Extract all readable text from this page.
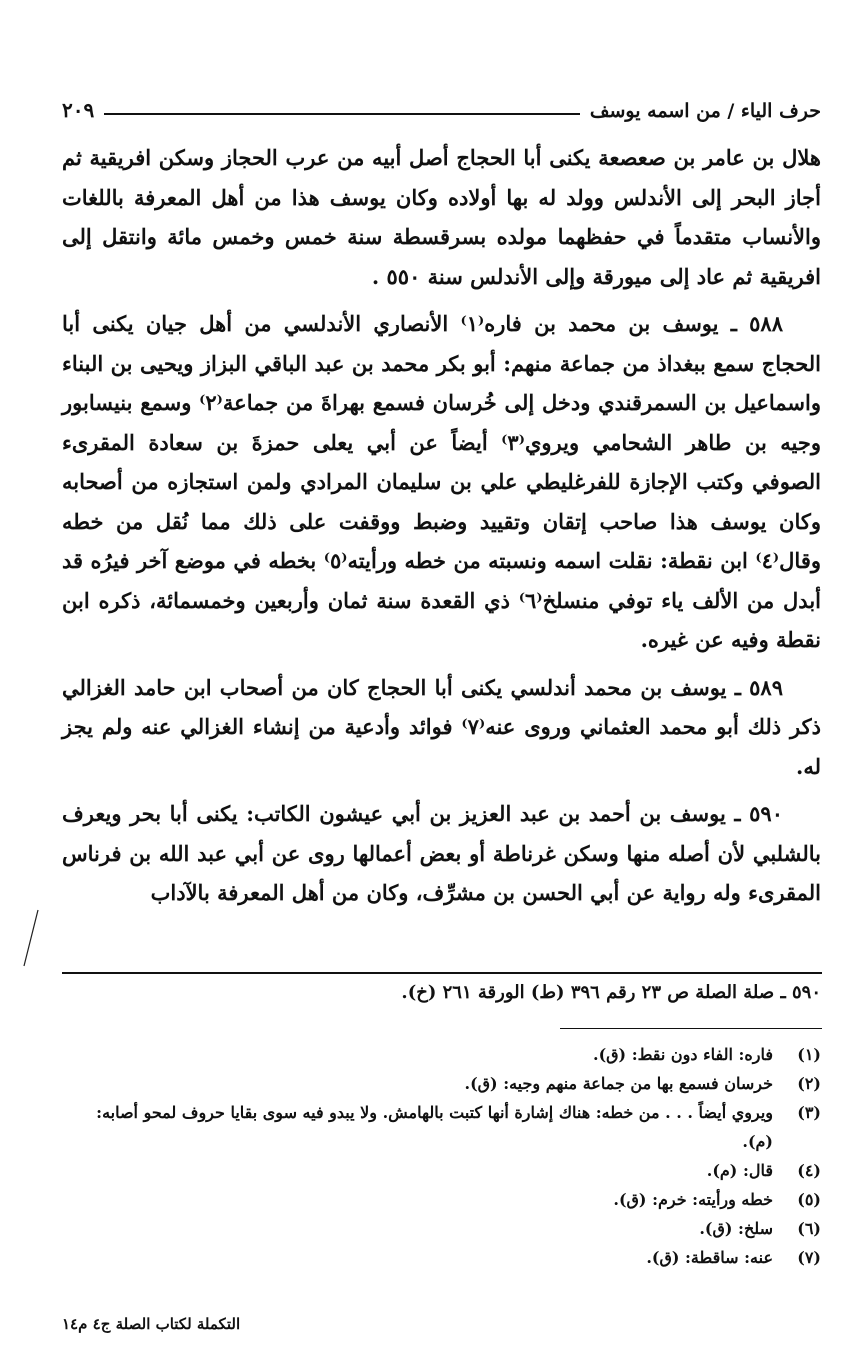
حرف الياء / من اسمه يوسف
٢٠٩

هلال بن عامر بن صعصعة يكنى أبا الحجاج أصل أبيه من عرب الحجاز وسكن افريقية ثم أجاز البحر إلى الأندلس وولد له بها أولاده وكان يوسف هذا من أهل المعرفة باللغات والأنساب متقدماً في حفظهما مولده بسرقسطة سنة خمس وخمس مائة وانتقل إلى افريقية ثم عاد إلى ميورقة وإلى الأندلس سنة ٥٥٠ .

٥٨٨ ـ يوسف بن محمد بن فاره⁽١⁾ الأنصاري الأندلسي من أهل جيان يكنى أبا الحجاج سمع ببغداذ من جماعة منهم: أبو بكر محمد بن عبد الباقي البزاز ويحيى بن البناء واسماعيل بن السمرقندي ودخل إلى خُرسان فسمع بهراةَ من جماعة⁽٢⁾ وسمع بنيسابور وجيه بن طاهر الشحامي ويروي⁽٣⁾ أيضاً عن أبي يعلى حمزةَ بن سعادة المقرىء الصوفي وكتب الإجازة للفرغليطي علي بن سليمان المرادي ولمن استجازه من أصحابه وكان يوسف هذا صاحب إتقان وتقييد وضبط ووقفت على ذلك مما نُقل من خطه وقال⁽٤⁾ ابن نقطة: نقلت اسمه ونسبته من خطه ورأيته⁽٥⁾ بخطه في موضع آخر فيرُه قد أبدل من الألف ياء توفي منسلخ⁽٦⁾ ذي القعدة سنة ثمان وأربعين وخمسمائة، ذكره ابن نقطة وفيه عن غيره.

٥٨٩ ـ يوسف بن محمد أندلسي يكنى أبا الحجاج كان من أصحاب ابن حامد الغزالي ذكر ذلك أبو محمد العثماني وروى عنه⁽٧⁾ فوائد وأدعية من إنشاء الغزالي عنه ولم يجز له.

٥٩٠ ـ يوسف بن أحمد بن عبد العزيز بن أبي عيشون الكاتب: يكنى أبا بحر ويعرف بالشلبي لأن أصله منها وسكن غرناطة أو بعض أعمالها روى عن أبي عبد الله بن فرناس المقرىء وله رواية عن أبي الحسن بن مشرِّف، وكان من أهل المعرفة بالآداب

٥٩٠ ـ صلة الصلة ص ٢٣ رقم ٣٩٦ (ط) الورقة ٢٦١ (خ).
(١)
فاره: الفاء دون نقط: (ق).
(٢)
خرسان فسمع بها من جماعة منهم وجيه: (ق).
(٣)
ويروي أيضاً . . . من خطه: هناك إشارة أنها كتبت بالهامش. ولا يبدو فيه سوى بقايا حروف لمحو أصابه: (م).
(٤)
قال: (م).
(٥)
خطه ورأيته: خرم: (ق).
(٦)
سلخ: (ق).
(٧)
عنه: ساقطة: (ق).
التكملة لكتاب الصلة ج٤ م١٤
